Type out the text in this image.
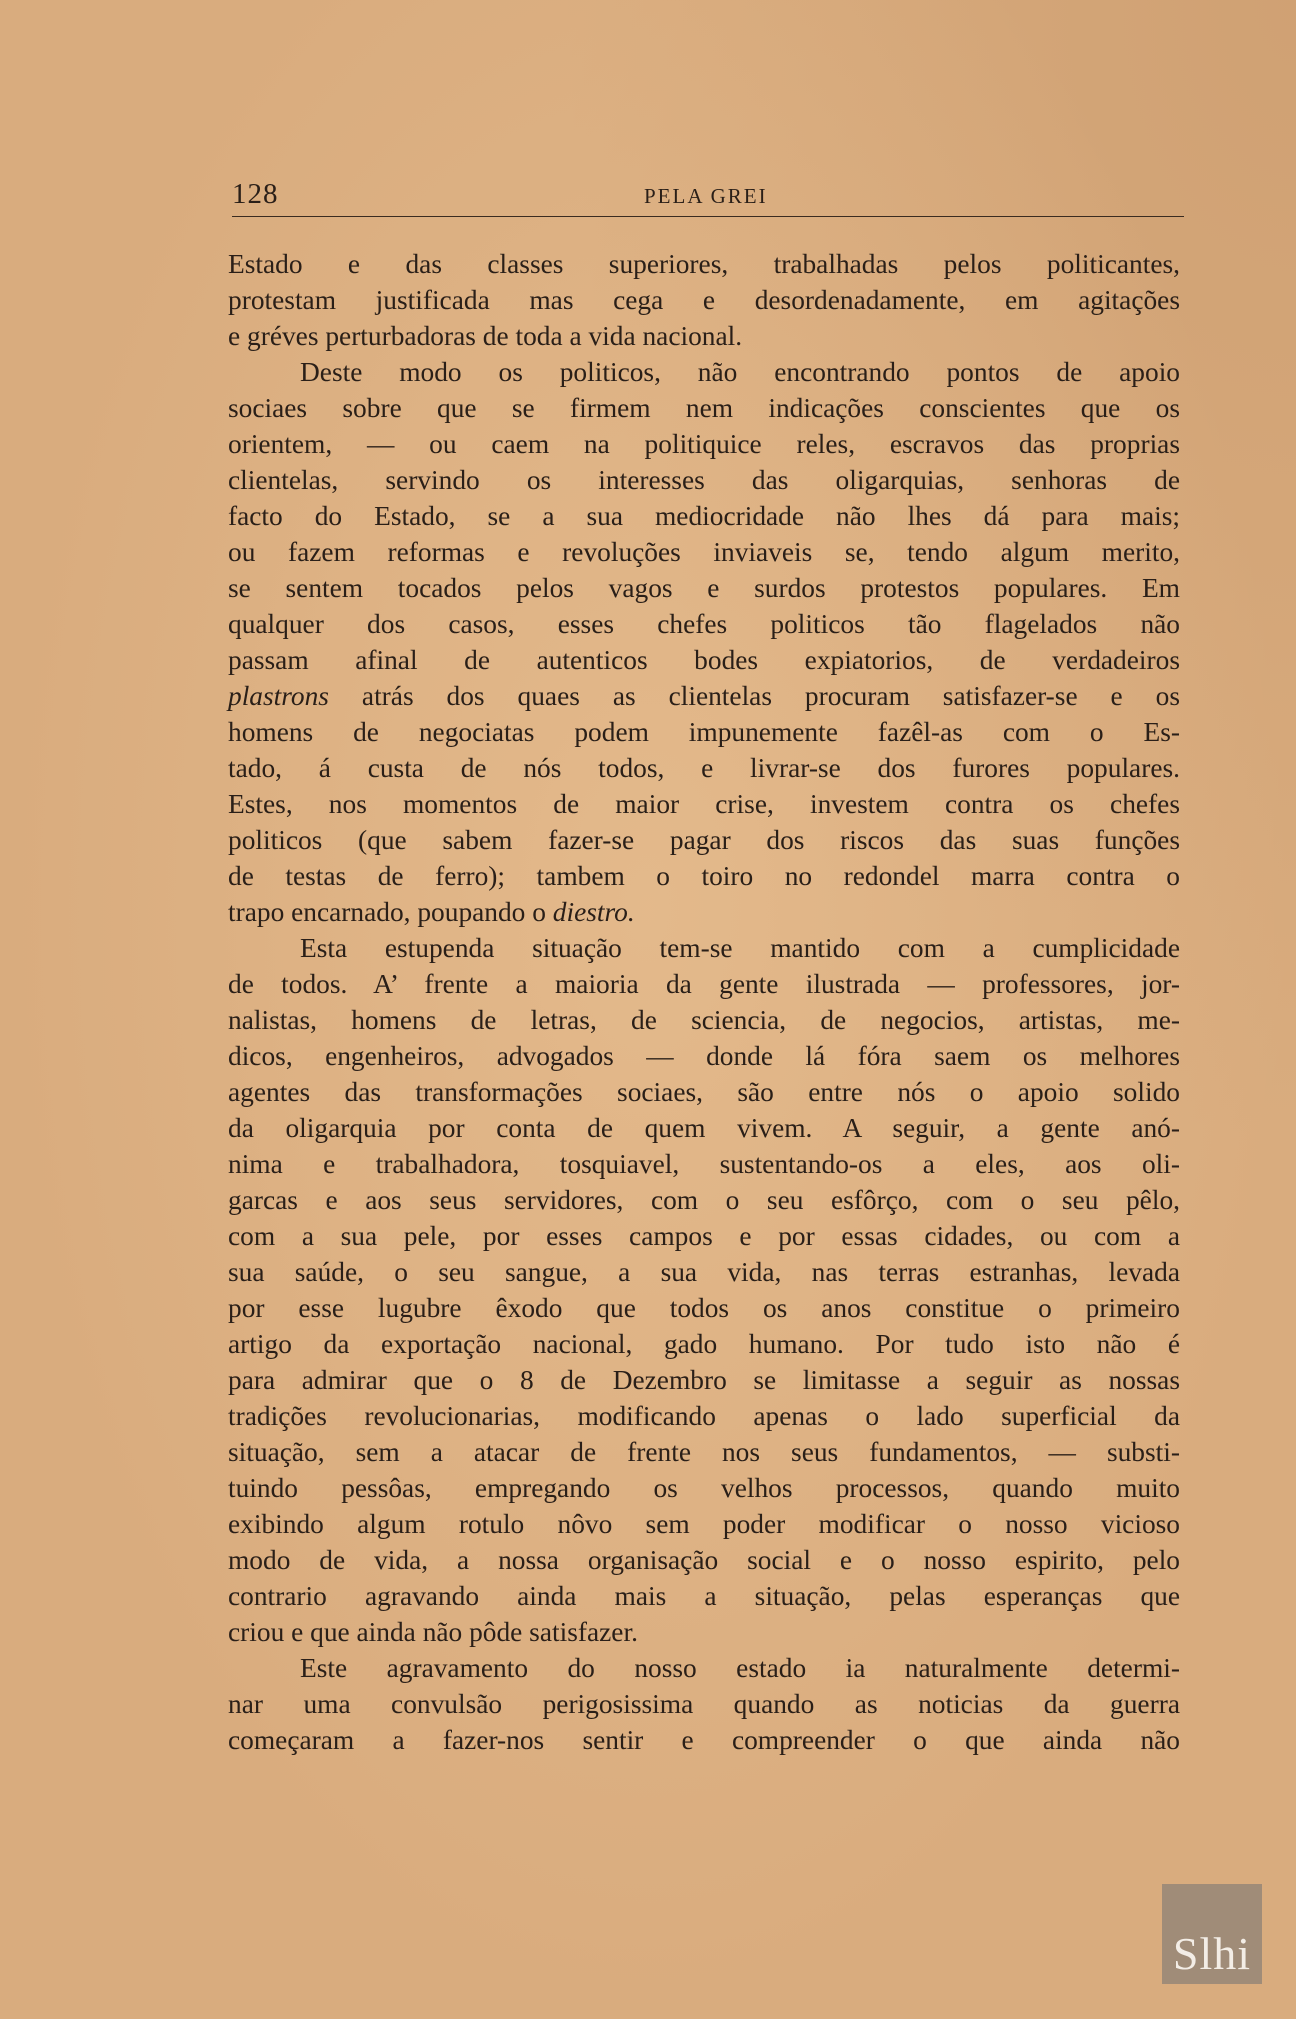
128	PELA GREI
Estado e das classes superiores, trabalhadas pelos politicantes,
protestam justificada mas cega e desordenadamente, em agitações
e gréves perturbadoras de toda a vida nacional.
Deste modo os politicos, não encontrando pontos de apoio
sociaes sobre que se firmem nem indicações conscientes que os
orientem, — ou caem na politiquice reles, escravos das proprias
clientelas, servindo os interesses das oligarquias, senhoras de
facto do Estado, se a sua mediocridade não lhes dá para mais;
ou fazem reformas e revoluções inviaveis se, tendo algum merito,
se sentem tocados pelos vagos e surdos protestos populares. Em
qualquer dos casos, esses chefes politicos tão flagelados não
passam afinal de autenticos bodes expiatorios, de verdadeiros
plastrons atrás dos quaes as clientelas procuram satisfazer-se e os
homens de negociatas podem impunemente fazêl-as com o Es-
tado, á custa de nós todos, e livrar-se dos furores populares.
Estes, nos momentos de maior crise, investem contra os chefes
politicos (que sabem fazer-se pagar dos riscos das suas funções
de testas de ferro); tambem o toiro no redondel marra contra o
trapo encarnado, poupando o diestro.
Esta estupenda situação tem-se mantido com a cumplicidade
de todos. A’ frente a maioria da gente ilustrada — professores, jor-
nalistas, homens de letras, de sciencia, de negocios, artistas, me-
dicos, engenheiros, advogados — donde lá fóra saem os melhores
agentes das transformações sociaes, são entre nós o apoio solido
da oligarquia por conta de quem vivem. A seguir, a gente anó-
nima e trabalhadora, tosquiavel, sustentando-os a eles, aos oli-
garcas e aos seus servidores, com o seu esfôrço, com o seu pêlo,
com a sua pele, por esses campos e por essas cidades, ou com a
sua saúde, o seu sangue, a sua vida, nas terras estranhas, levada
por esse lugubre êxodo que todos os anos constitue o primeiro
artigo da exportação nacional, gado humano. Por tudo isto não é
para admirar que o 8 de Dezembro se limitasse a seguir as nossas
tradições revolucionarias, modificando apenas o lado superficial da
situação, sem a atacar de frente nos seus fundamentos, — substi-
tuindo pessôas, empregando os velhos processos, quando muito
exibindo algum rotulo nôvo sem poder modificar o nosso vicioso
modo de vida, a nossa organisação social e o nosso espirito, pelo
contrario agravando ainda mais a situação, pelas esperanças que
criou e que ainda não pôde satisfazer.
Este agravamento do nosso estado ia naturalmente determi-
nar uma convulsão perigosissima quando as noticias da guerra
começaram a fazer-nos sentir e compreender o que ainda não
Slhi
